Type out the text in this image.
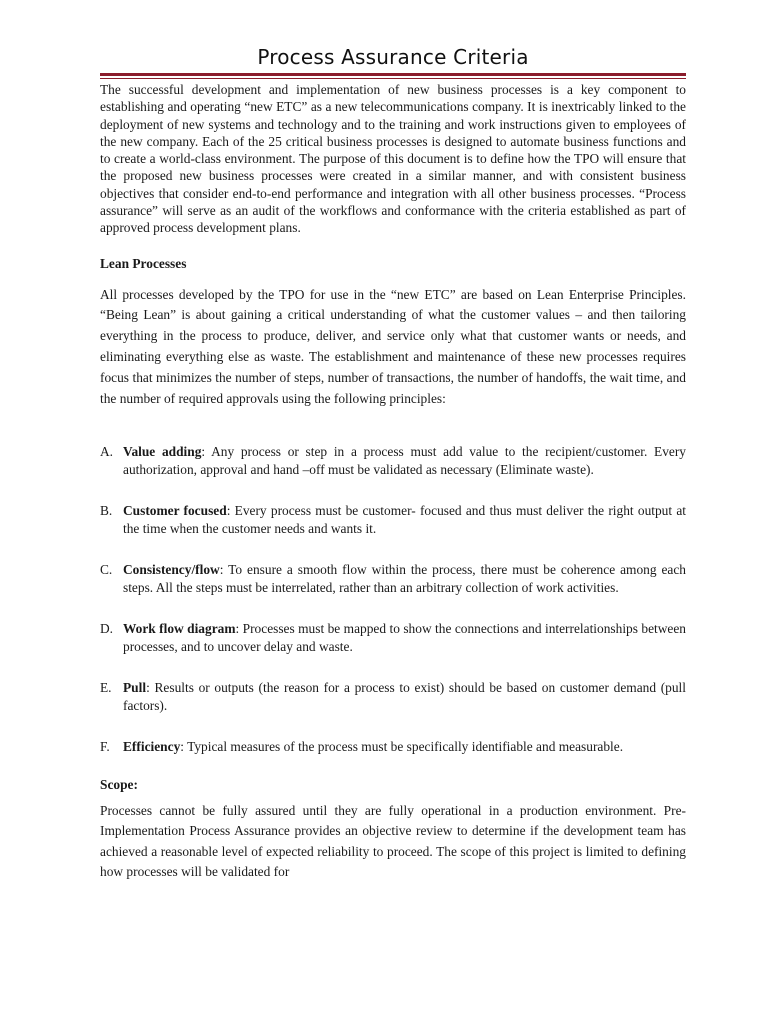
Process Assurance Criteria

The successful development and implementation of new business processes is a key component to establishing and operating “new ETC” as a new telecommunications company. It is inextricably linked to the deployment of new systems and technology and to the training and work instructions given to employees of the new company. Each of the 25 critical business processes is designed to automate business functions and to create a world-class environment. The purpose of this document is to define how the TPO will ensure that the proposed new business processes were created in a similar manner, and with consistent business objectives that consider end-to-end performance and integration with all other business processes. “Process assurance” will serve as an audit of the workflows and conformance with the criteria established as part of approved process development plans.

Lean Processes

All processes developed by the TPO for use in the “new ETC” are based on Lean Enterprise Principles. “Being Lean” is about gaining a critical understanding of what the customer values – and then tailoring everything in the process to produce, deliver, and service only what that customer wants or needs, and eliminating everything else as waste. The establishment and maintenance of these new processes requires focus that minimizes the number of steps, number of transactions, the number of handoffs, the wait time, and the number of required approvals using the following principles:

A. Value adding: Any process or step in a process must add value to the recipient/customer. Every authorization, approval and hand –off must be validated as necessary (Eliminate waste).
B. Customer focused: Every process must be customer- focused and thus must deliver the right output at the time when the customer needs and wants it.
C. Consistency/flow: To ensure a smooth flow within the process, there must be coherence among each steps. All the steps must be interrelated, rather than an arbitrary collection of work activities.
D. Work flow diagram: Processes must be mapped to show the connections and interrelationships between processes, and to uncover delay and waste.
E. Pull: Results or outputs (the reason for a process to exist) should be based on customer demand (pull factors).
F. Efficiency: Typical measures of the process must be specifically identifiable and measurable.
Scope:

Processes cannot be fully assured until they are fully operational in a production environment. Pre-Implementation Process Assurance provides an objective review to determine if the development team has achieved a reasonable level of expected reliability to proceed. The scope of this project is limited to defining how processes will be validated for
